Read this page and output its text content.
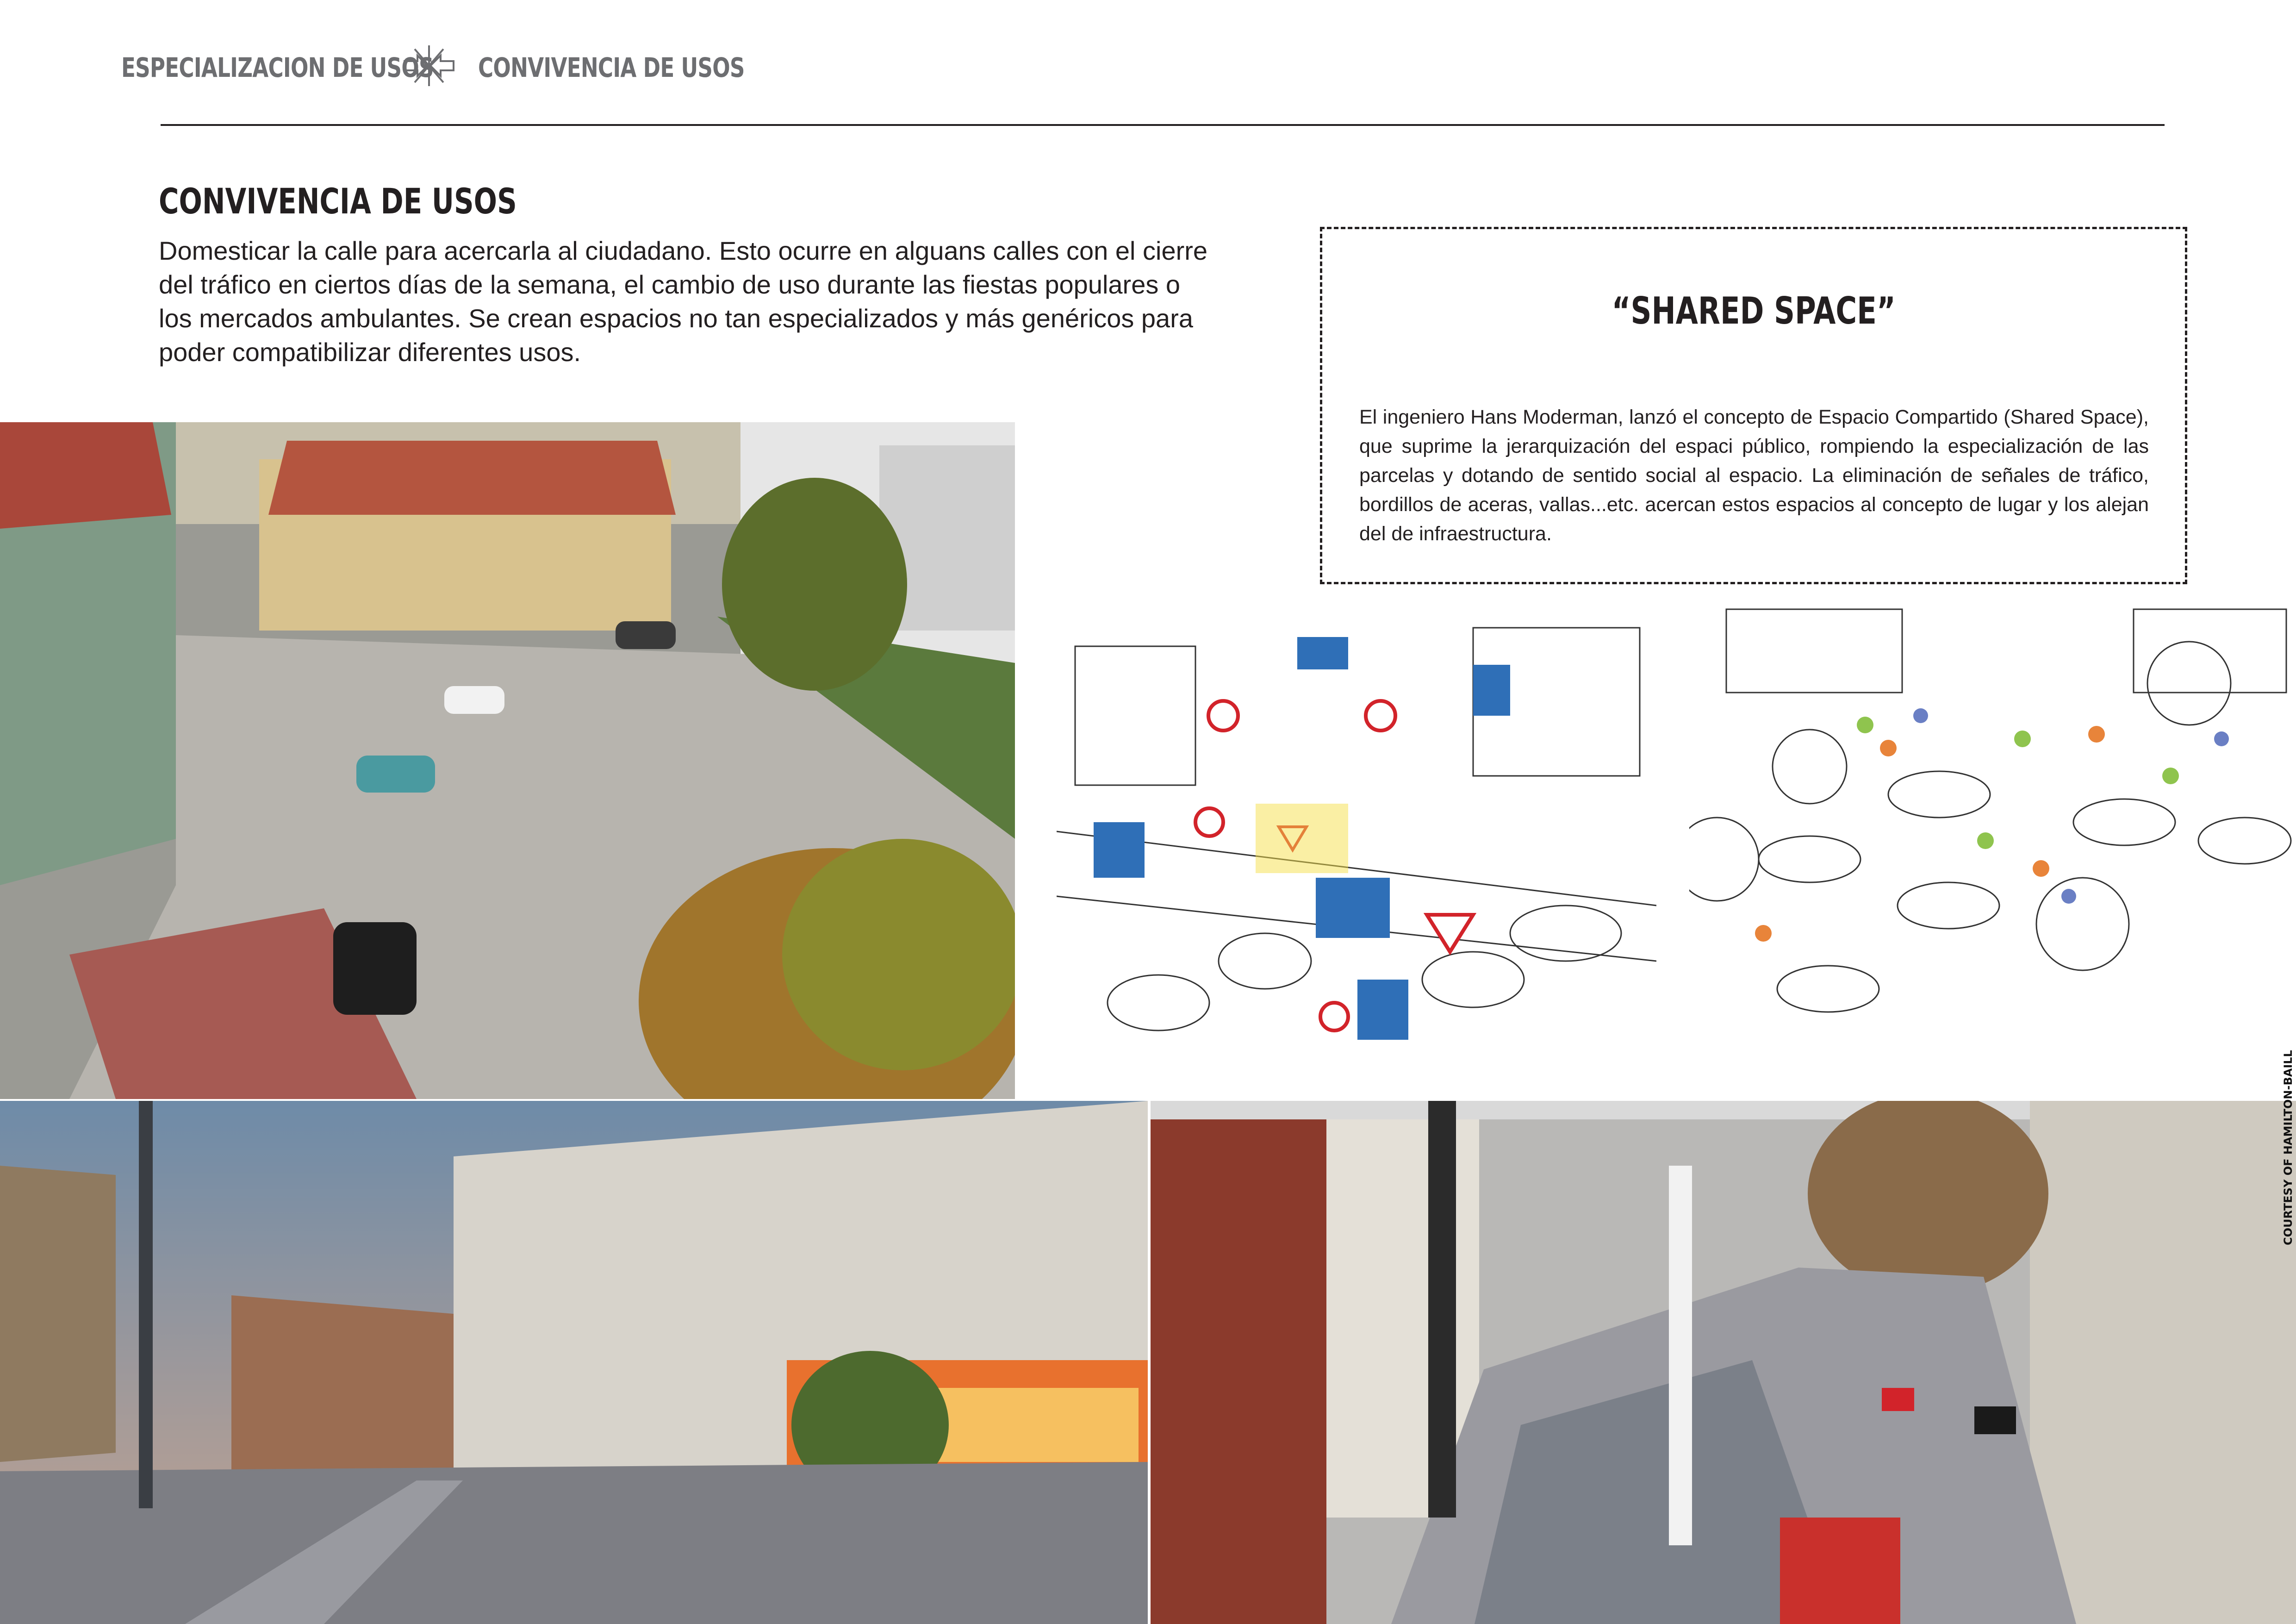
ESPECIALIZACION DE USOS CONVIVENCIA DE USOS
CONVIVENCIA DE USOS

Domesticar la calle para acercarla al ciudadano. Esto ocurre en alguans calles con el cierre del tráfico en ciertos días de la semana, el cambio de uso durante las fiestas populares o los mercados ambulantes. Se crean espacios no tan especializados y más genéricos para poder compatibilizar diferentes usos.

“SHARED SPACE”

El ingeniero Hans Moderman, lanzó el concepto de Espacio Compartido (Shared Space), que suprime la jerarquización del espaci público, rompiendo la especialización de las parcelas y dotando de sentido social al espacio. La eliminación de señales de tráfico, bordillos de aceras, vallas...etc. acercan estos espacios al concepto de lugar y los alejan del de infraestructura.

COURTESY OF HAMILTON-BAILL
